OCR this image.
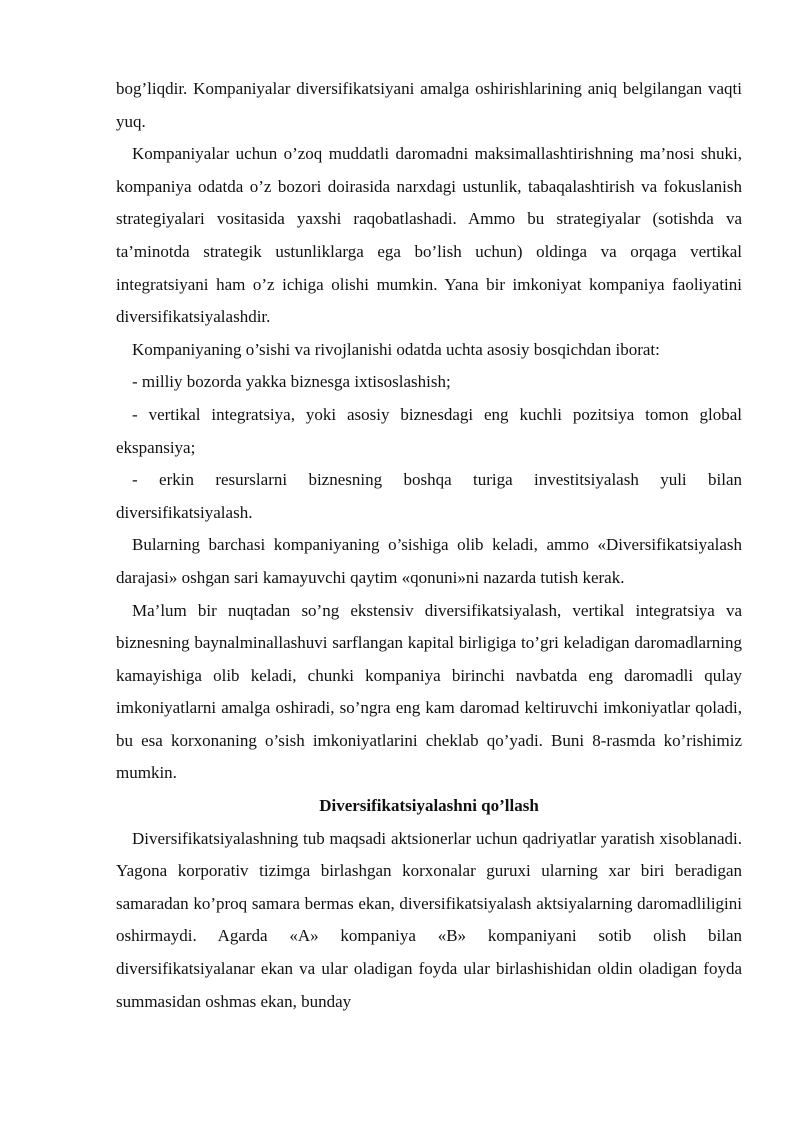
bog’liqdir. Kompaniyalar diversifikatsiyani amalga oshirishlarining aniq belgilangan vaqti yuq.

Kompaniyalar uchun o’zoq muddatli daromadni maksimallashtirishning ma’nosi shuki, kompaniya odatda o’z bozori doirasida narxdagi ustunlik, tabaqalashtirish va fokuslanish strategiyalari vositasida yaxshi raqobatlashadi. Ammo bu strategiyalar (sotishda va ta’minotda strategik ustunliklarga ega bo’lish uchun) oldinga va orqaga vertikal integratsiyani ham o’z ichiga olishi mumkin. Yana bir imkoniyat kompaniya faoliyatini diversifikatsiyalashdir.

Kompaniyaning o’sishi va rivojlanishi odatda uchta asosiy bosqichdan iborat:

- milliy bozorda yakka biznesga ixtisoslashish;

- vertikal integratsiya, yoki asosiy biznesdagi eng kuchli pozitsiya tomon global ekspansiya;

- erkin resurslarni biznesning boshqa turiga investitsiyalash yuli bilan diversifikatsiyalash.

Bularning barchasi kompaniyaning o’sishiga olib keladi, ammo «Diversifikatsiyalash darajasi» oshgan sari kamayuvchi qaytim «qonuni»ni nazarda tutish kerak.

Ma’lum bir nuqtadan so’ng ekstensiv diversifikatsiyalash, vertikal integratsiya va biznesning baynalminallashuvi sarflangan kapital birligiga to’gri keladigan daromadlarning kamayishiga olib keladi, chunki kompaniya birinchi navbatda eng daromadli qulay imkoniyatlarni amalga oshiradi, so’ngra eng kam daromad keltiruvchi imkoniyatlar qoladi, bu esa korxonaning o’sish imkoniyatlarini cheklab qo’yadi. Buni 8-rasmda ko’rishimiz mumkin.

Diversifikatsiyalashni qo’llash

Diversifikatsiyalashning tub maqsadi aktsionerlar uchun qadriyatlar yaratish xisoblanadi. Yagona korporativ tizimga birlashgan korxonalar guruxi ularning xar biri beradigan samaradan ko’proq samara bermas ekan, diversifikatsiyalash aktsiyalarning daromadliligini oshirmaydi. Agarda «A» kompaniya «B» kompaniyani sotib olish bilan diversifikatsiyalanar ekan va ular oladigan foyda ular birlashishidan oldin oladigan foyda summasidan oshmas ekan, bunday
